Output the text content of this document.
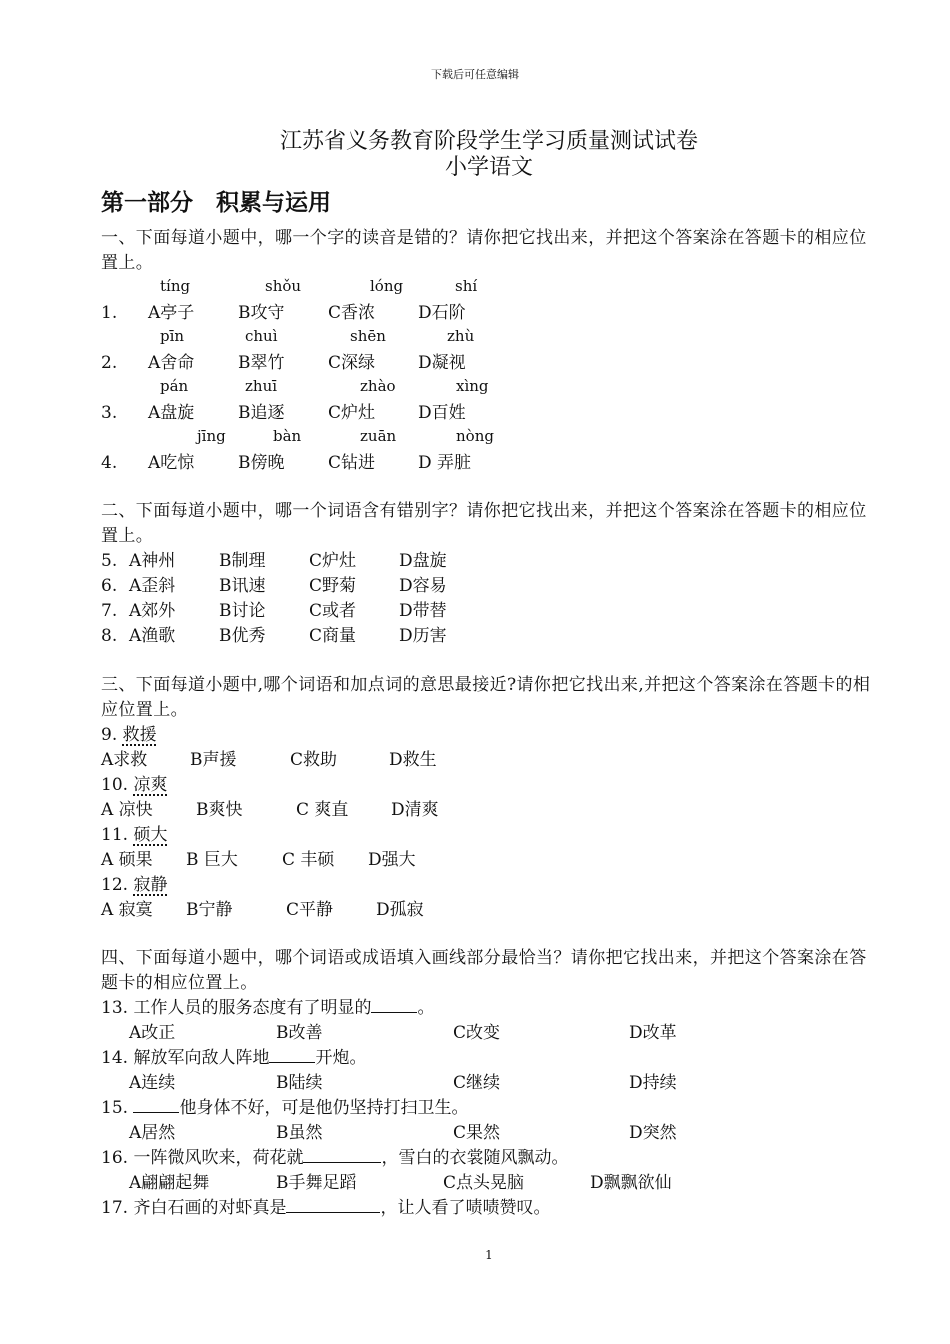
下载后可任意编辑
江苏省义务教育阶段学生学习质量测试试卷
小学语文
第一部分　积累与运用
一、下面每道小题中，哪一个字的读音是错的？请你把它找出来，并把这个答案涂在答题卡的相应位置上。
1.
tíng	shǒu	lóng	shí
A亭子	B攻守	C香浓	D石阶
2.
pīn	chuì	shēn	zhù
A舍命	B翠竹	C深绿	D凝视
3.
pán	zhuī	zhào	xìng
A盘旋	B追逐	C炉灶	D百姓
4.
jīng	bàn	zuān	nòng
A吃惊	B傍晚	C钻进	D 弄脏
二、下面每道小题中，哪一个词语含有错别字？请你把它找出来，并把这个答案涂在答题卡的相应位置上。
5. A神州	B制理	C炉灶	D盘旋
6. A歪斜	B讯速	C野菊	D容易
7. A郊外	B讨论	C或者	D带替
8. A渔歌	B优秀	C商量	D历害
三、下面每道小题中,哪个词语和加点词的意思最接近?请你把它找出来,并把这个答案涂在答题卡的相应位置上。
9. 救援
A求救	B声援	C救助	D救生
10. 凉爽
A 凉快	B爽快	C 爽直	D清爽
11. 硕大
A 硕果 B 巨大	C 丰硕 D强大
12. 寂静
A 寂寞 B宁静	C平静	D孤寂
四、下面每道小题中，哪个词语或成语填入画线部分最恰当？请你把它找出来，并把这个答案涂在答题卡的相应位置上。
13. 工作人员的服务态度有了明显的	。
A改正	B改善	C改变	D改革
14. 解放军向敌人阵地	开炮。
A连续	B陆续	C继续	D持续
15.	他身体不好，可是他仍坚持打扫卫生。
A居然	B虽然	C果然	D突然
16. 一阵微风吹来，荷花就	，雪白的衣裳随风飘动。
A翩翩起舞	B手舞足蹈	C点头晃脑	D飘飘欲仙
17. 齐白石画的对虾真是	，让人看了啧啧赞叹。
1
